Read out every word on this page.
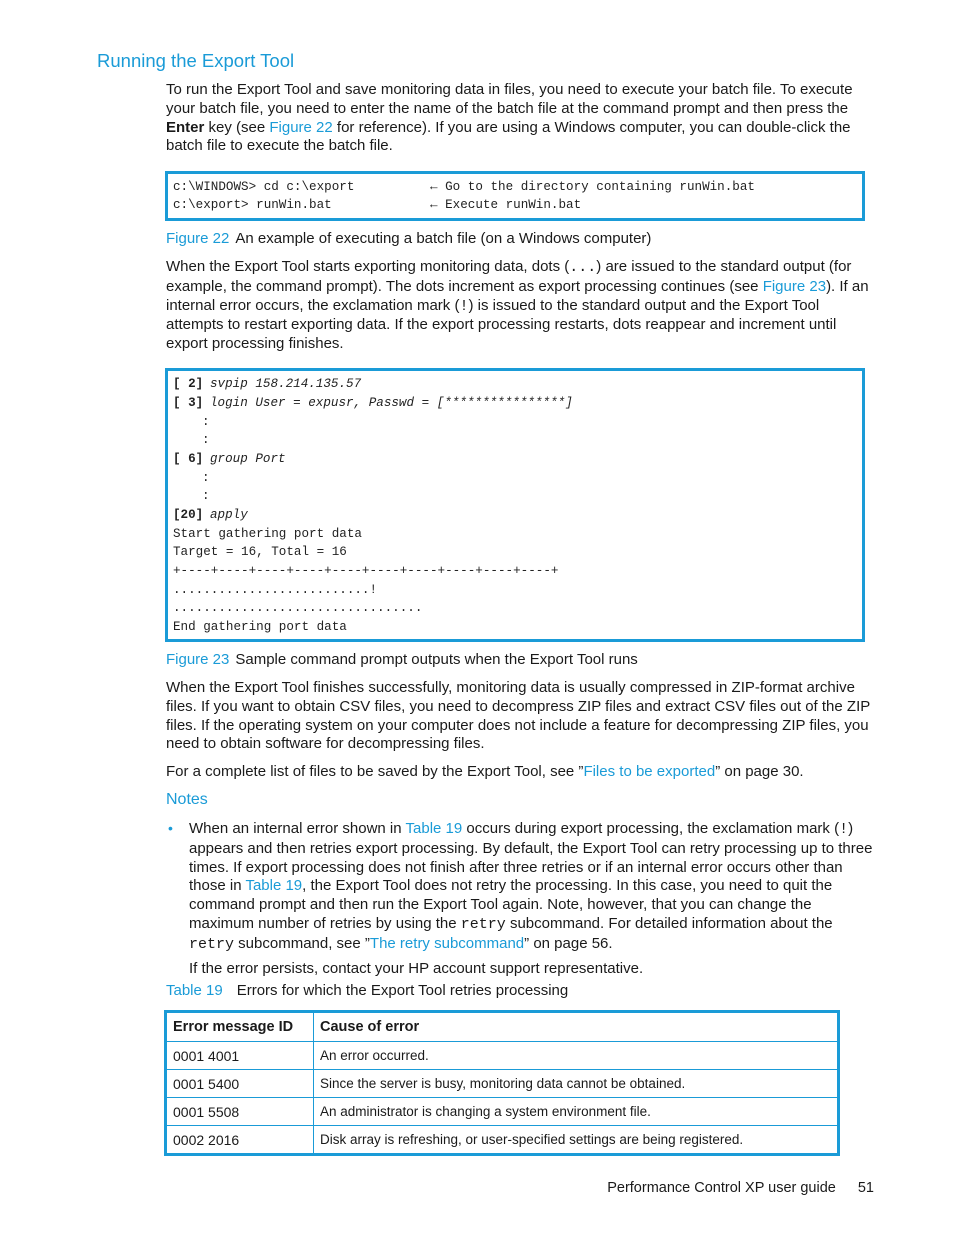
Running the Export Tool
To run the Export Tool and save monitoring data in files, you need to execute your batch file. To execute
your batch file, you need to enter the name of the batch file at the command prompt and then press the
Enter key (see Figure 22 for reference). If you are using a Windows computer, you can double-click the
batch file to execute the batch file.
c:\WINDOWS> cd c:\export	← Go to the directory containing runWin.bat
c:\export> runWin.bat	← Execute runWin.bat
Figure 22 An example of executing a batch file (on a Windows computer)
When the Export Tool starts exporting monitoring data, dots (...) are issued to the standard output (for
example, the command prompt). The dots increment as export processing continues (see Figure 23). If an
internal error occurs, the exclamation mark (!) is issued to the standard output and the Export Tool
attempts to restart exporting data. If the export processing restarts, dots reappear and increment until
export processing finishes.
[ 2] svpip 158.214.135.57
[ 3] login User = expusr, Passwd = [****************]
:
:
[ 6] group Port
:
:
[20] apply
Start gathering port data
Target = 16, Total = 16
+----+----+----+----+----+----+----+----+----+----+
..........................!
.................................
End gathering port data
Figure 23 Sample command prompt outputs when the Export Tool runs
When the Export Tool finishes successfully, monitoring data is usually compressed in ZIP-format archive
files. If you want to obtain CSV files, you need to decompress ZIP files and extract CSV files out of the ZIP
files. If the operating system on your computer does not include a feature for decompressing ZIP files, you
need to obtain software for decompressing files.
For a complete list of files to be saved by the Export Tool, see ”Files to be exported” on page 30.
Notes
• When an internal error shown in Table 19 occurs during export processing, the exclamation mark (!)
appears and then retries export processing. By default, the Export Tool can retry processing up to three
times. If export processing does not finish after three retries or if an internal error occurs other than
those in Table 19, the Export Tool does not retry the processing. In this case, you need to quit the
command prompt and then run the Export Tool again. Note, however, that you can change the
maximum number of retries by using the retry subcommand. For detailed information about the
retry subcommand, see ”The retry subcommand” on page 56.
If the error persists, contact your HP account support representative.
Table 19 Errors for which the Export Tool retries processing
Error message ID	Cause of error
0001 4001	An error occurred.
0001 5400	Since the server is busy, monitoring data cannot be obtained.
0001 5508	An administrator is changing a system environment file.
0002 2016	Disk array is refreshing, or user-specified settings are being registered.
Performance Control XP user guide 51
